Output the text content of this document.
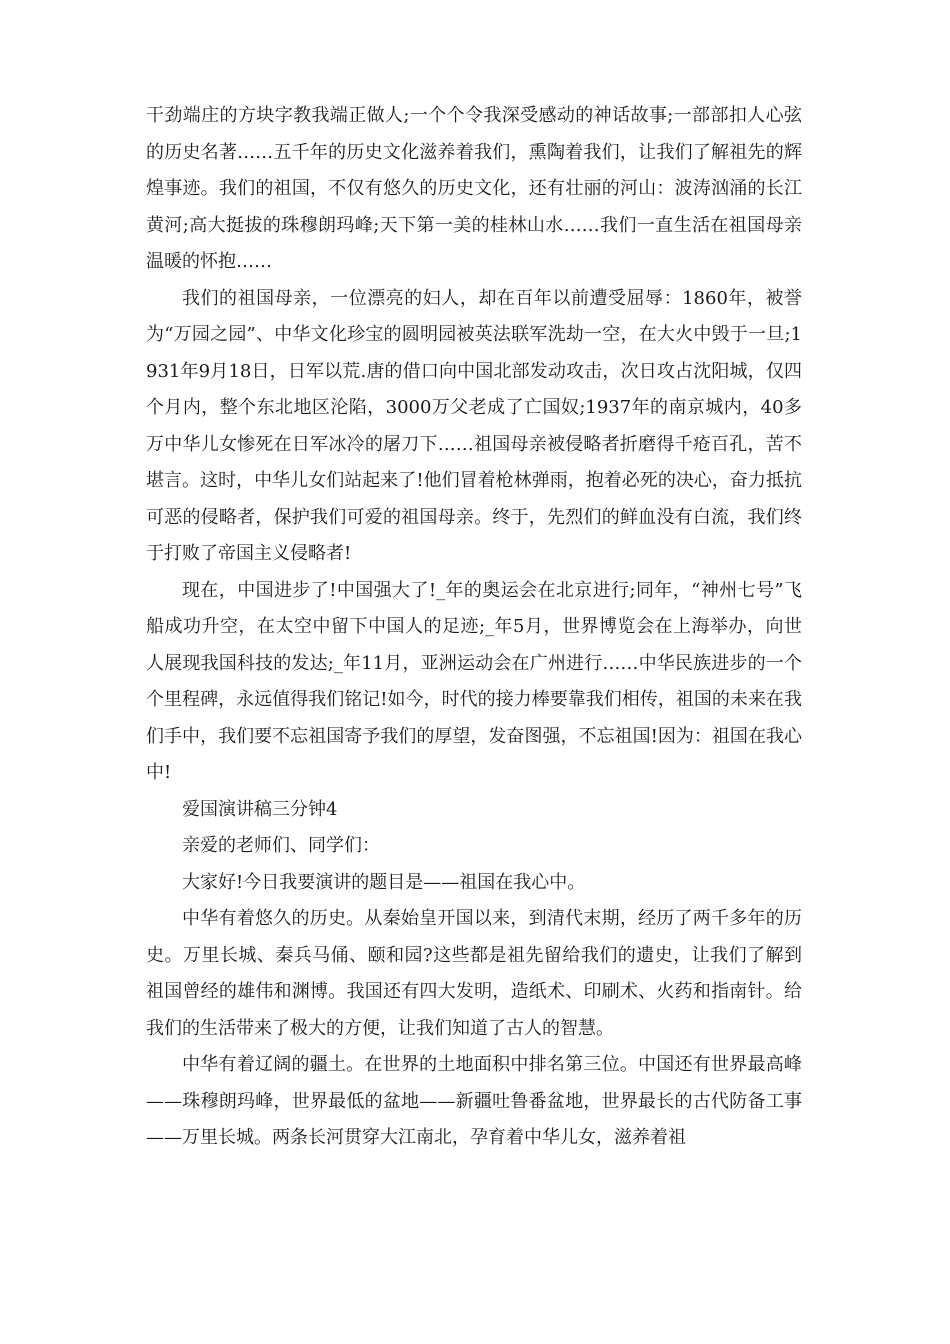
干劲端庄的方块字教我端正做人;一个个令我深受感动的神话故事;一部部扣人心弦的历史名著……五千年的历史文化滋养着我们，熏陶着我们，让我们了解祖先的辉煌事迹。我们的祖国，不仅有悠久的历史文化，还有壮丽的河山：波涛汹涌的长江黄河;高大挺拔的珠穆朗玛峰;天下第一美的桂林山水……我们一直生活在祖国母亲温暖的怀抱……

我们的祖国母亲，一位漂亮的妇人，却在百年以前遭受屈辱：1860年，被誉为“万园之园”、中华文化珍宝的圆明园被英法联军洗劫一空，在大火中毁于一旦;1931年9月18日，日军以荒.唐的借口向中国北部发动攻击，次日攻占沈阳城，仅四个月内，整个东北地区沦陷，3000万父老成了亡国奴;1937年的南京城内，40多万中华儿女惨死在日军冰冷的屠刀下……祖国母亲被侵略者折磨得千疮百孔，苦不堪言。这时，中华儿女们站起来了!他们冒着枪林弹雨，抱着必死的决心，奋力抵抗可恶的侵略者，保护我们可爱的祖国母亲。终于，先烈们的鲜血没有白流，我们终于打败了帝国主义侵略者!

现在，中国进步了!中国强大了!_年的奥运会在北京进行;同年，“神州七号”飞船成功升空，在太空中留下中国人的足迹;_年5月，世界博览会在上海举办，向世人展现我国科技的发达;_年11月，亚洲运动会在广州进行……中华民族进步的一个个里程碑，永远值得我们铭记!如今，时代的接力棒要靠我们相传，祖国的未来在我们手中，我们要不忘祖国寄予我们的厚望，发奋图强，不忘祖国!因为：祖国在我心中!

爱国演讲稿三分钟4

亲爱的老师们、同学们：

大家好!今日我要演讲的题目是——祖国在我心中。

中华有着悠久的历史。从秦始皇开国以来，到清代末期，经历了两千多年的历史。万里长城、秦兵马俑、颐和园?这些都是祖先留给我们的遗史，让我们了解到祖国曾经的雄伟和渊博。我国还有四大发明，造纸术、印刷术、火药和指南针。给我们的生活带来了极大的方便，让我们知道了古人的智慧。

中华有着辽阔的疆土。在世界的土地面积中排名第三位。中国还有世界最高峰——珠穆朗玛峰，世界最低的盆地——新疆吐鲁番盆地，世界最长的古代防备工事——万里长城。两条长河贯穿大江南北，孕育着中华儿女，滋养着祖
